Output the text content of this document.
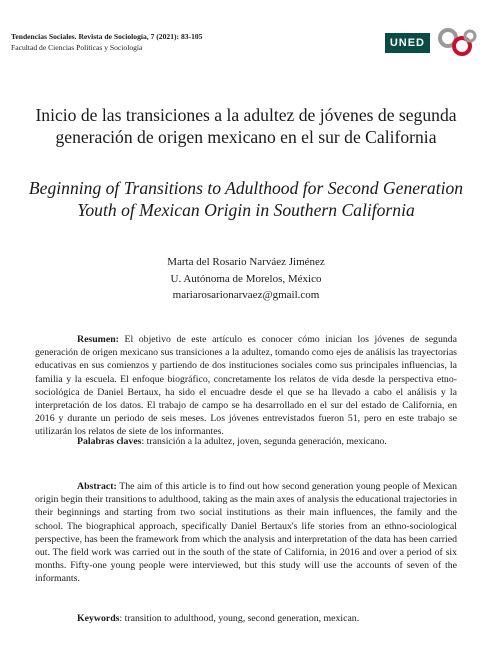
Tendencias Sociales. Revista de Sociología, 7 (2021): 83-105
Facultad de Ciencias Políticas y Sociología	UNED
Inicio de las transiciones a la adultez de jóvenes de segunda generación de origen mexicano en el sur de California
Beginning of Transitions to Adulthood for Second Generation Youth of Mexican Origin in Southern California
Marta del Rosario Narváez Jiménez
U. Autónoma de Morelos, México
mariarosarionarvaez@gmail.com

Resumen: El objetivo de este artículo es conocer cómo inician los jóvenes de segunda generación de origen mexicano sus transiciones a la adultez, tomando como ejes de análisis las trayectorias educativas en sus comienzos y partiendo de dos instituciones sociales como sus principales influencias, la familia y la escuela. El enfoque biográfico, concretamente los relatos de vida desde la perspectiva etno-sociológica de Daniel Bertaux, ha sido el encuadre desde el que se ha llevado a cabo el análisis y la interpretación de los datos. El trabajo de campo se ha desarrollado en el sur del estado de California, en 2016 y durante un periodo de seis meses. Los jóvenes entrevistados fueron 51, pero en este trabajo se utilizarán los relatos de siete de los informantes.

Palabras claves: transición a la adultez, joven, segunda generación, mexicano.

Abstract: The aim of this article is to find out how second generation young people of Mexican origin begin their transitions to adulthood, taking as the main axes of analysis the educational trajectories in their beginnings and starting from two social institutions as their main influences, the family and the school. The biographical approach, specifically Daniel Bertaux's life stories from an ethno-sociological perspective, has been the framework from which the analysis and interpretation of the data has been carried out. The field work was carried out in the south of the state of California, in 2016 and over a period of six months. Fifty-one young people were interviewed, but this study will use the accounts of seven of the informants.

Keywords: transition to adulthood, young, second generation, mexican.
